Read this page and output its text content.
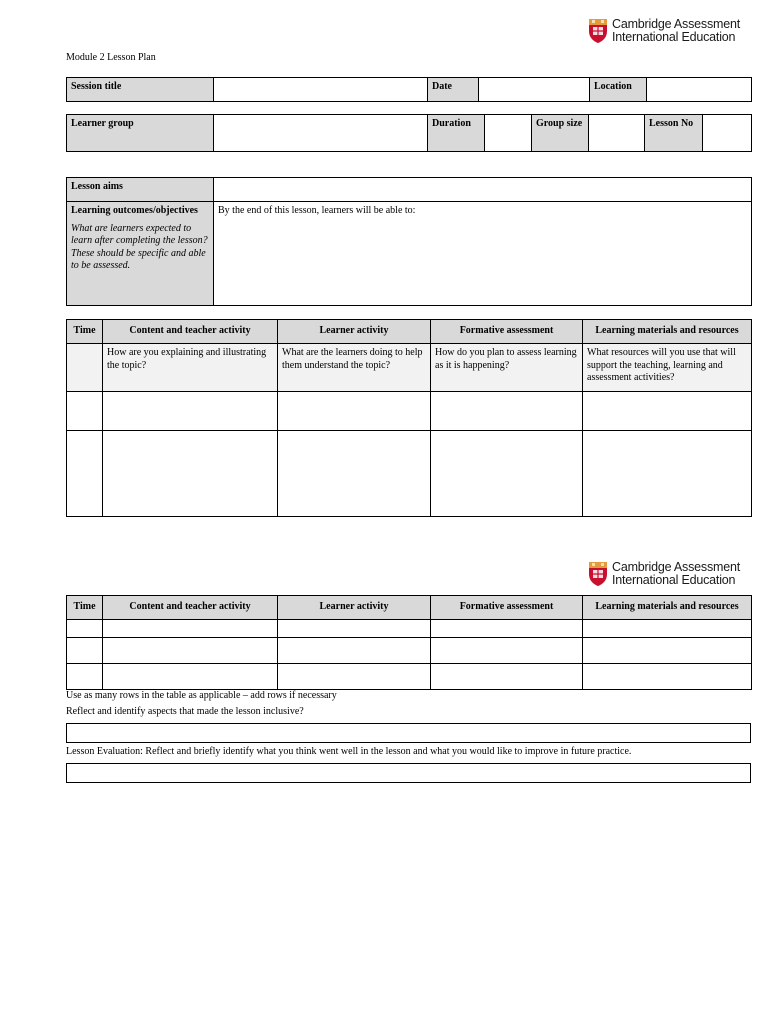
Cambridge Assessment
International Education
Module 2 Lesson Plan
Session title		Date		Location	
Learner group		Duration		Group size		Lesson No	
Lesson aims	
Learning outcomes/objectives
What are learners expected to learn after completing the lesson? These should be specific and able to be assessed.	By the end of this lesson, learners will be able to:
Time	Content and teacher activity	Learner activity	Formative assessment	Learning materials and resources
	How are you explaining and illustrating the topic?	What are the learners doing to help them understand the topic?	How do you plan to assess learning as it is happening?	What resources will you use that will support the teaching, learning and assessment activities?

Cambridge Assessment
International Education
Time	Content and teacher activity	Learner activity	Formative assessment	Learning materials and resources

Use as many rows in the table as applicable – add rows if necessary
Reflect and identify aspects that made the lesson inclusive?
Lesson Evaluation: Reflect and briefly identify what you think went well in the lesson and what you would like to improve in future practice.
